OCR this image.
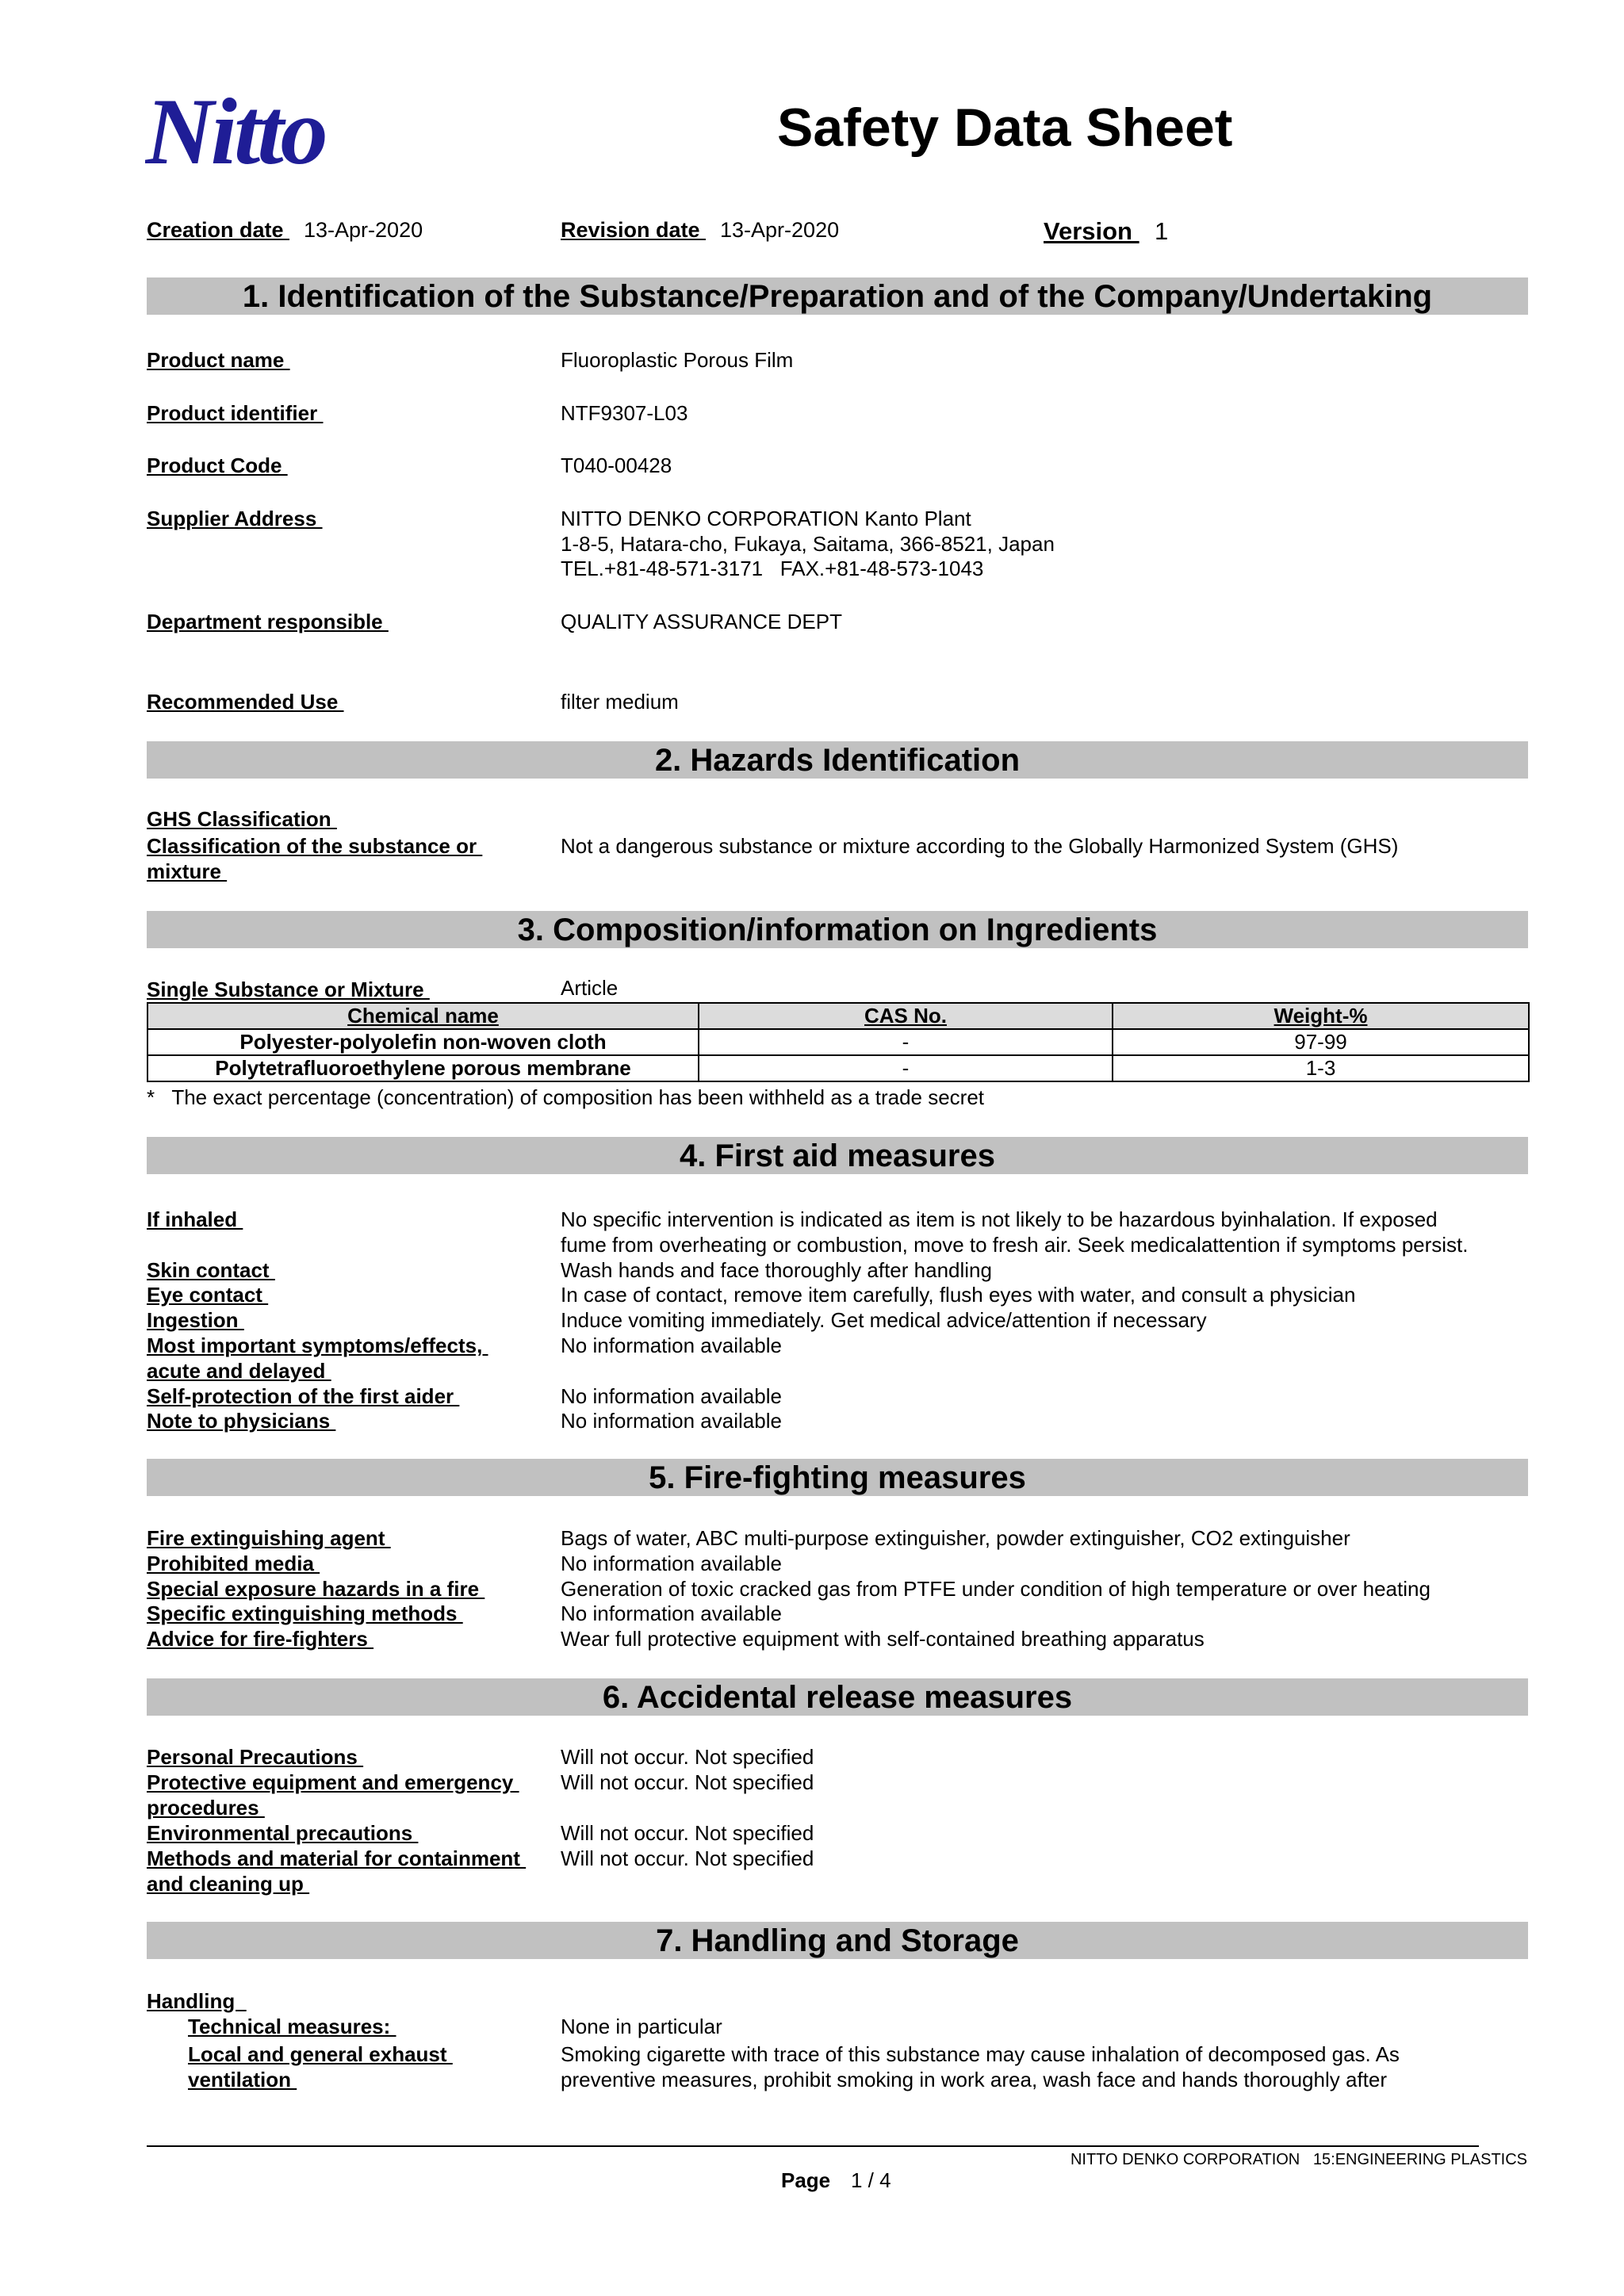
Nitto	Safety Data Sheet
Creation date 13-Apr-2020	Revision date 13-Apr-2020	Version 1
1. Identification of the Substance/Preparation and of the Company/Undertaking
Product name	Fluoroplastic Porous Film
Product identifier	NTF9307-L03
Product Code	T040-00428
Supplier Address	NITTO DENKO CORPORATION Kanto Plant
1-8-5, Hatara-cho, Fukaya, Saitama, 366-8521, Japan
TEL.+81-48-571-3171   FAX.+81-48-573-1043
Department responsible	QUALITY ASSURANCE DEPT
Recommended Use	filter medium
2. Hazards Identification
GHS Classification
Classification of the substance or
mixture
Not a dangerous substance or mixture according to the Globally Harmonized System (GHS)
3. Composition/information on Ingredients
Single Substance or Mixture	Article
Chemical name	CAS No.	Weight-%
Polyester-polyolefin non-woven cloth	-	97-99
Polytetrafluoroethylene porous membrane	-	1-3
*   The exact percentage (concentration) of composition has been withheld as a trade secret
4. First aid measures
If inhaled	No specific intervention is indicated as item is not likely to be hazardous byinhalation. If exposed
fume from overheating or combustion, move to fresh air. Seek medicalattention if symptoms persist.
Skin contact	Wash hands and face thoroughly after handling
Eye contact	In case of contact, remove item carefully, flush eyes with water, and consult a physician
Ingestion	Induce vomiting immediately. Get medical advice/attention if necessary
Most important symptoms/effects,
acute and delayed
No information available
Self-protection of the first aider	No information available
Note to physicians	No information available
5. Fire-fighting measures
Fire extinguishing agent	Bags of water, ABC multi-purpose extinguisher, powder extinguisher, CO2 extinguisher
Prohibited media	No information available
Special exposure hazards in a fire	Generation of toxic cracked gas from PTFE under condition of high temperature or over heating
Specific extinguishing methods	No information available
Advice for fire-fighters	Wear full protective equipment with self-contained breathing apparatus
6. Accidental release measures
Personal Precautions	Will not occur. Not specified
Protective equipment and emergency
procedures
Will not occur. Not specified
Environmental precautions	Will not occur. Not specified
Methods and material for containment
and cleaning up
Will not occur. Not specified
7. Handling and Storage
Handling
Technical measures:	None in particular
Local and general exhaust
ventilation
Smoking cigarette with trace of this substance may cause inhalation of decomposed gas. As
preventive measures, prohibit smoking in work area, wash face and hands thoroughly after
NITTO DENKO CORPORATION   15:ENGINEERING PLASTICS
Page 1 / 4
